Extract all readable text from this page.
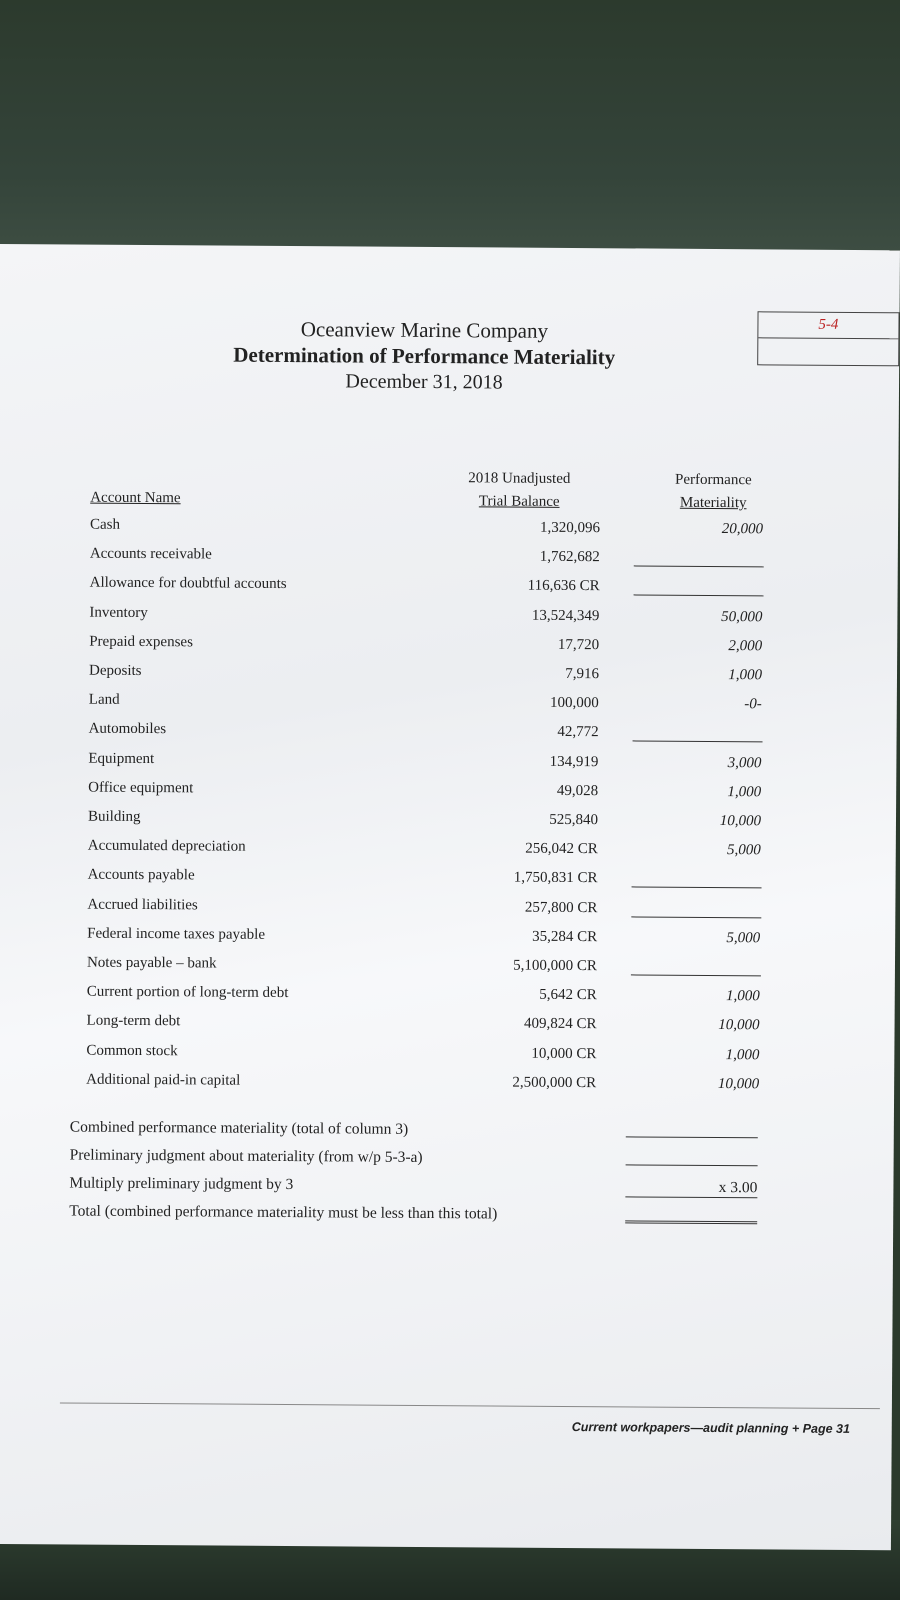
Oceanview Marine Company
Determination of Performance Materiality
December 31, 2018
5-4
Account Name
2018 Unadjusted
Trial Balance
Performance
Materiality
Cash	1,320,096	20,000
Accounts receivable	1,762,682
Allowance for doubtful accounts	116,636 CR
Inventory	13,524,349	50,000
Prepaid expenses	17,720	2,000
Deposits	7,916	1,000
Land	100,000	-0-
Automobiles	42,772
Equipment	134,919	3,000
Office equipment	49,028	1,000
Building	525,840	10,000
Accumulated depreciation	256,042 CR	5,000
Accounts payable	1,750,831 CR
Accrued liabilities	257,800 CR
Federal income taxes payable	35,284 CR	5,000
Notes payable – bank	5,100,000 CR
Current portion of long-term debt	5,642 CR	1,000
Long-term debt	409,824 CR	10,000
Common stock	10,000 CR	1,000
Additional paid-in capital	2,500,000 CR	10,000
Combined performance materiality (total of column 3)
Preliminary judgment about materiality (from w/p 5-3-a)
Multiply preliminary judgment by 3	x 3.00
Total (combined performance materiality must be less than this total)
Current workpapers—audit planning + Page 31
